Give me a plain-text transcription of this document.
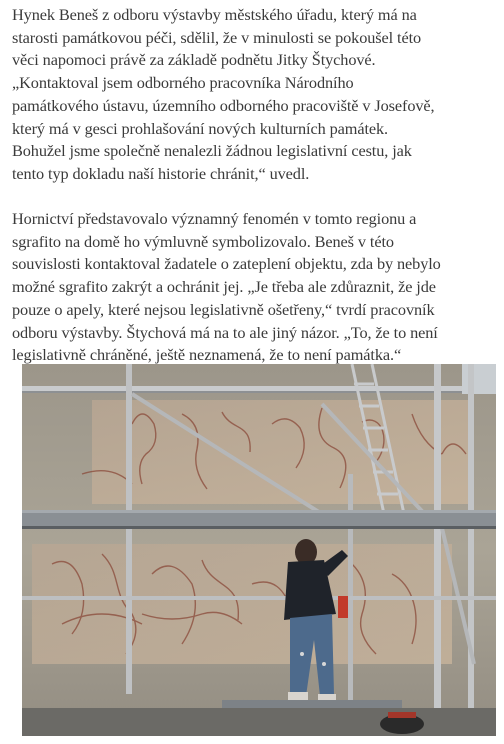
Hynek Beneš z odboru výstavby městského úřadu, který má na
starosti památkovou péči, sdělil, že v minulosti se pokoušel této
věci napomoci právě za základě podnětu Jitky Štychové.
„Kontaktoval jsem odborného pracovníka Národního
památkového ústavu, územního odborného pracoviště v Josefově,
který má v gesci prohlašování nových kulturních památek.
Bohužel jsme společně nenalezli žádnou legislativní cestu, jak
tento typ dokladu naší historie chránit,“ uvedl.

Hornictví představovalo významný fenomén v tomto regionu a
sgrafito na domě ho výmluvně symbolizovalo. Beneš v této
souvislosti kontaktoval žadatele o zateplení objektu, zda by nebylo
možné sgrafito zakrýt a ochránit jej. „Je třeba ale zdůraznit, že jde
pouze o apely, které nejsou legislativně ošetřeny,“ tvrdí pracovník
odboru výstavby. Štychová má na to ale jiný názor. „To, že to není
legislativně chráněné, ještě neznamená, že to není památka.“
